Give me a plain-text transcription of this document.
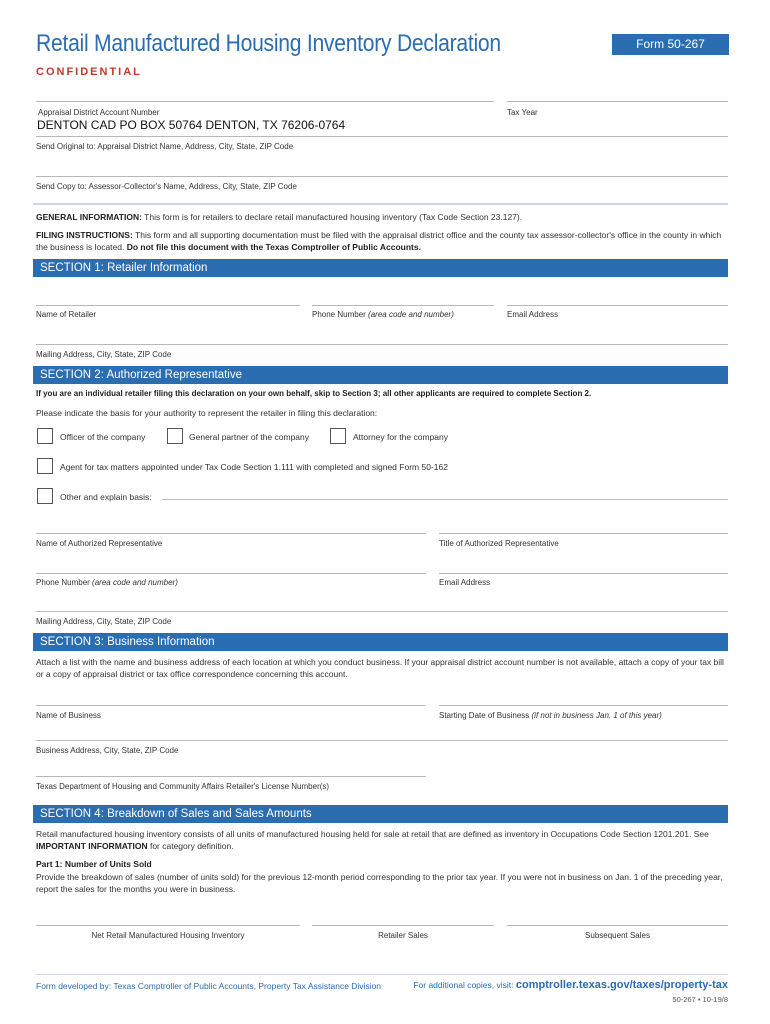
Retail Manufactured Housing Inventory Declaration	Form 50-267
CONFIDENTIAL
Appraisal District Account Number	Tax Year
DENTON CAD PO BOX 50764 DENTON, TX 76206-0764
Send Original to: Appraisal District Name, Address, City, State, ZIP Code
Send Copy to: Assessor-Collector's Name, Address, City, State, ZIP Code
GENERAL INFORMATION: This form is for retailers to declare retail manufactured housing inventory (Tax Code Section 23.127).
FILING INSTRUCTIONS: This form and all supporting documentation must be filed with the appraisal district office and the county tax assessor-collector's office in the county in which the business is located. Do not file this document with the Texas Comptroller of Public Accounts.
SECTION 1: Retailer Information
Name of Retailer	Phone Number (area code and number)	Email Address
Mailing Address, City, State, ZIP Code
SECTION 2: Authorized Representative
If you are an individual retailer filing this declaration on your own behalf, skip to Section 3; all other applicants are required to complete Section 2.
Please indicate the basis for your authority to represent the retailer in filing this declaration:
Officer of the company	General partner of the company	Attorney for the company
Agent for tax matters appointed under Tax Code Section 1.111 with completed and signed Form 50-162
Other and explain basis:
Name of Authorized Representative	Title of Authorized Representative
Phone Number (area code and number)	Email Address
Mailing Address, City, State, ZIP Code
SECTION 3: Business Information
Attach a list with the name and business address of each location at which you conduct business. If your appraisal district account number is not available, attach a copy of your tax bill or a copy of appraisal district or tax office correspondence concerning this account.
Name of Business	Starting Date of Business (if not in business Jan. 1 of this year)
Business Address, City, State, ZIP Code
Texas Department of Housing and Community Affairs Retailer's License Number(s)
SECTION 4: Breakdown of Sales and Sales Amounts
Retail manufactured housing inventory consists of all units of manufactured housing held for sale at retail that are defined as inventory in Occupations Code Section 1201.201. See IMPORTANT INFORMATION for category definition.
Part 1: Number of Units Sold
Provide the breakdown of sales (number of units sold) for the previous 12-month period corresponding to the prior tax year. If you were not in business on Jan. 1 of the preceding year, report the sales for the months you were in business.
Net Retail Manufactured Housing Inventory	Retailer Sales	Subsequent Sales
Form developed by: Texas Comptroller of Public Accounts, Property Tax Assistance Division	For additional copies, visit: comptroller.texas.gov/taxes/property-tax
50-267 • 10-19/8
